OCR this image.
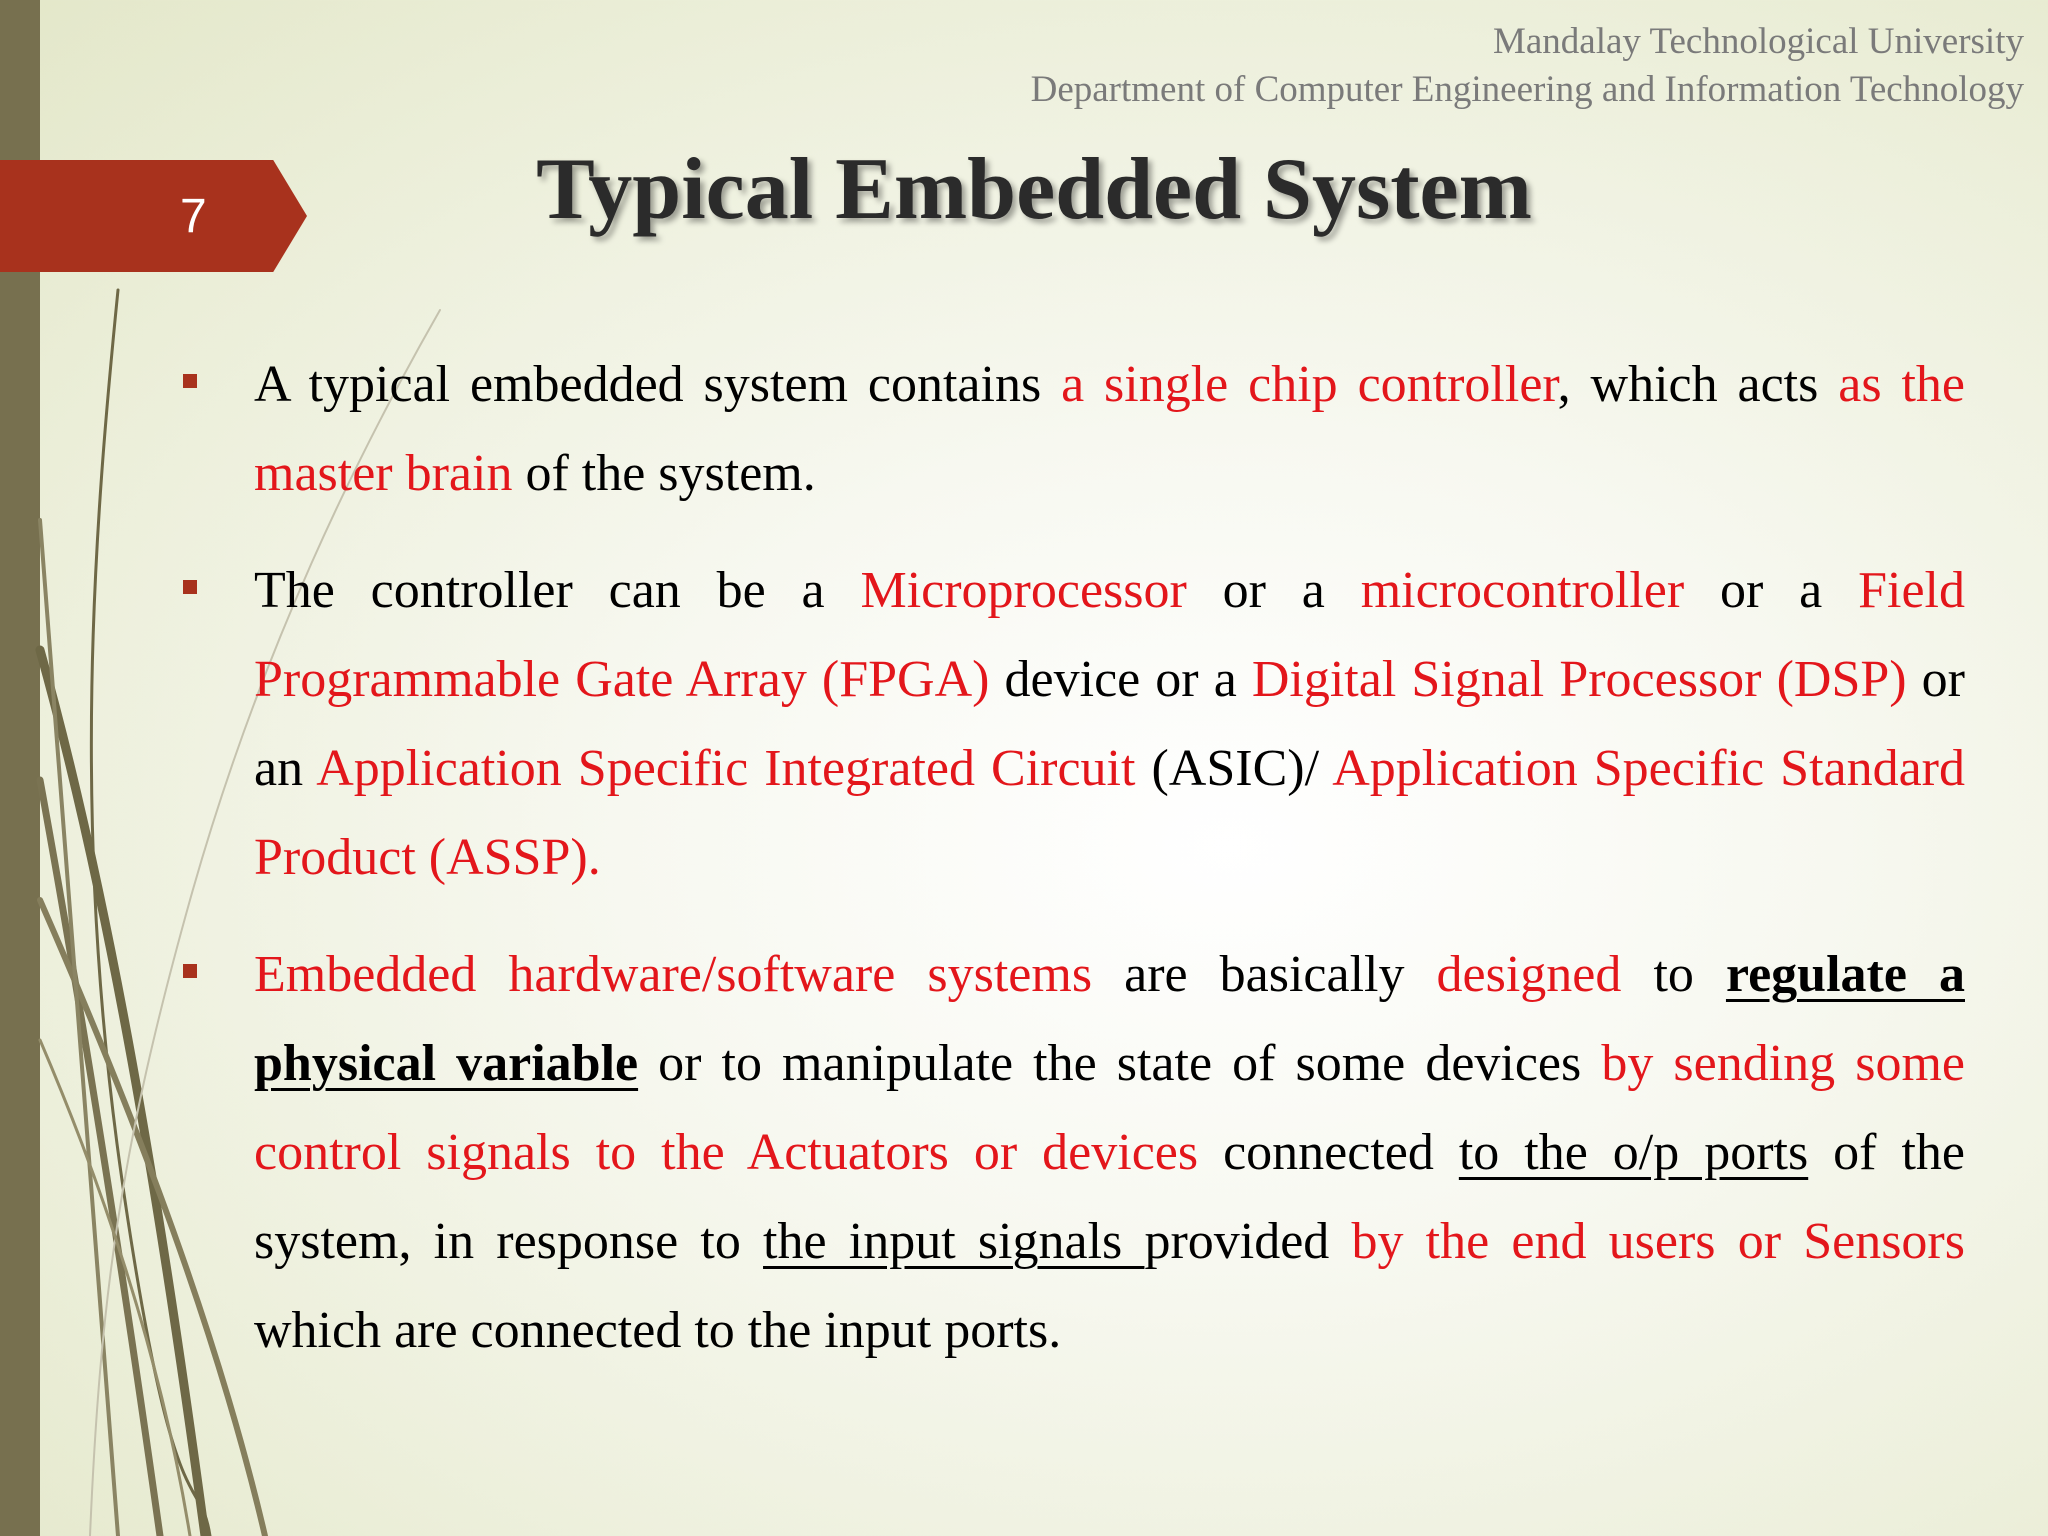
Mandalay Technological University
Department of Computer Engineering and Information Technology
7	Typical Embedded System
A typical embedded system contains a single chip controller, which acts as the master brain of the system.
The controller can be a Microprocessor or a microcontroller or a Field Programmable Gate Array (FPGA) device or a Digital Signal Processor (DSP) or an Application Specific Integrated Circuit (ASIC)/ Application Specific Standard Product (ASSP).
Embedded hardware/software systems are basically designed to regulate a physical variable or to manipulate the state of some devices by sending some control signals to the Actuators or devices connected to the o/p ports of the system, in response to the input signals provided by the end users or Sensors which are connected to the input ports.
